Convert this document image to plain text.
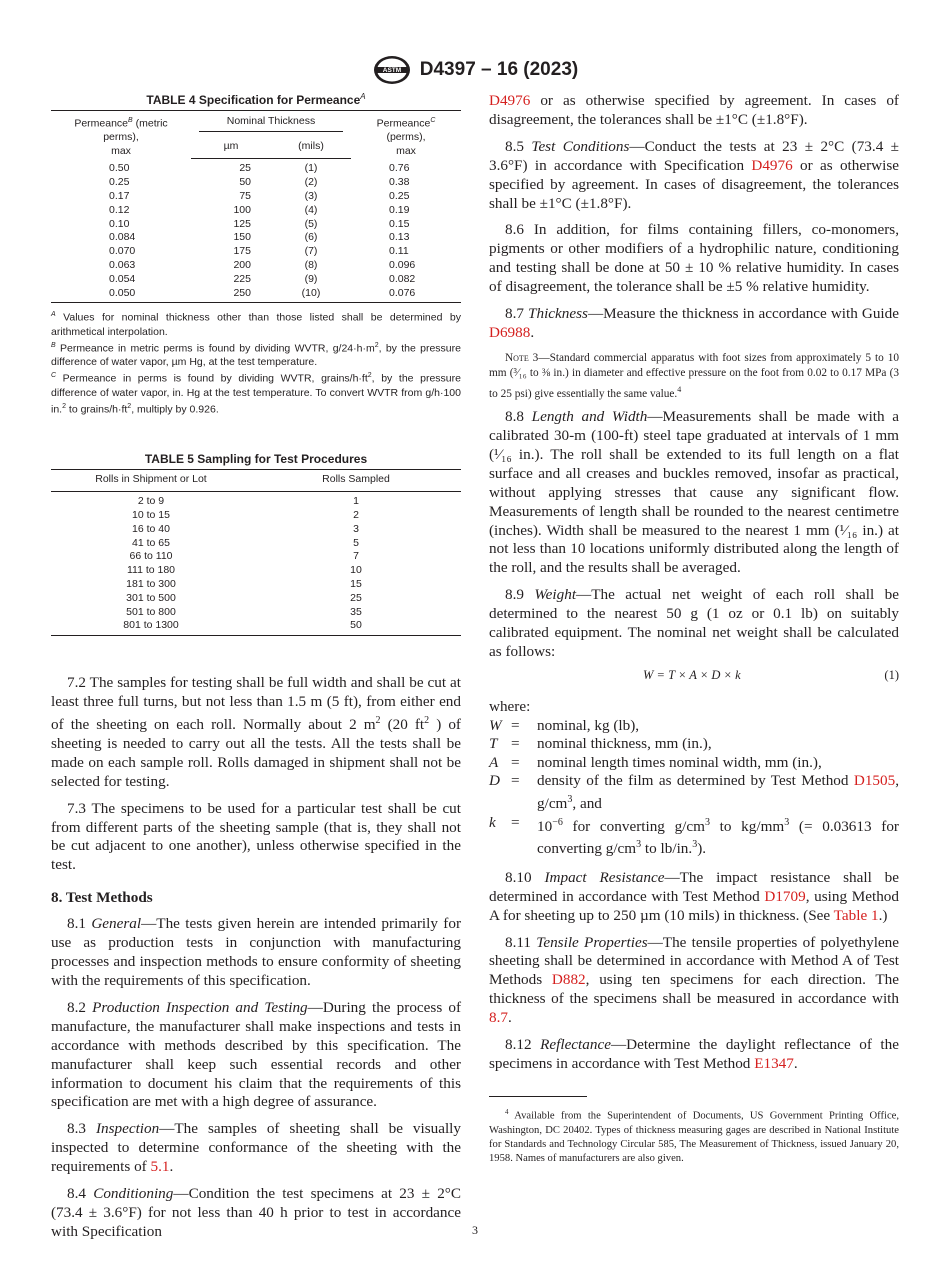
ASTM D4397 – 16 (2023)
TABLE 4 Specification for Permeance$^A$
Permeance$^B$ (metric
perms),
max	Nominal Thickness		Permeance$^C$
(perms),
max
	µm	(mils)	
0.50	25	(1)	0.76
0.25	50	(2)	0.38
0.17	75	(3)	0.25
0.12	100	(4)	0.19
0.10	125	(5)	0.15
0.084	150	(6)	0.13
0.070	175	(7)	0.11
0.063	200	(8)	0.096
0.054	225	(9)	0.082
0.050	250	(10)	0.076

$^A$ Values for nominal thickness other than those listed shall be determined by arithmetical interpolation.

$^B$ Permeance in metric perms is found by dividing WVTR, $g/24\cdot h\cdot m^2$, by the pressure difference of water vapor, µm Hg, at the test temperature.

$^C$ Permeance in perms is found by dividing WVTR, grains/$h\cdot ft^2$, by the pressure difference of water vapor, in. Hg at the test temperature. To convert WVTR from g/h·100 in.$^2$ to grains/$h\cdot ft^2$, multiply by 0.926.

TABLE 5 Sampling for Test Procedures
Rolls in Shipment or Lot	Rolls Sampled
2 to 9	1
10 to 15	2
16 to 40	3
41 to 65	5
66 to 110	7
111 to 180	10
181 to 300	15
301 to 500	25
501 to 800	35
801 to 1300	50

7.2 The samples for testing shall be full width and shall be cut at least three full turns, but not less than 1.5 m (5 ft), from either end of the sheeting on each roll. Normally about 2 $m^2$ (20 $ft^2$ ) of sheeting is needed to carry out all the tests. All the tests shall be made on each sample roll. Rolls damaged in shipment shall not be selected for testing.

7.3 The specimens to be used for a particular test shall be cut from different parts of the sheeting sample (that is, they shall not be cut adjacent to one another), unless otherwise specified in the test.

8. Test Methods

8.1 General—The tests given herein are intended primarily for use as production tests in conjunction with manufacturing processes and inspection methods to ensure conformity of sheeting with the requirements of this specification.

8.2 Production Inspection and Testing—During the process of manufacture, the manufacturer shall make inspections and tests in accordance with methods described by this specification. The manufacturer shall keep such essential records and other information to document his claim that the requirements of this specification are met with a high degree of assurance.

8.3 Inspection—The samples of sheeting shall be visually inspected to determine conformance of the sheeting with the requirements of 5.1.

8.4 Conditioning—Condition the test specimens at 23 ± 2°C (73.4 ± 3.6°F) for not less than 40 h prior to test in accordance with Specification

D4976 or as otherwise specified by agreement. In cases of disagreement, the tolerances shall be ±1°C (±1.8°F).

8.5 Test Conditions—Conduct the tests at 23 ± 2°C (73.4 ± 3.6°F) in accordance with Specification D4976 or as otherwise specified by agreement. In cases of disagreement, the tolerances shall be ±1°C (±1.8°F).

8.6 In addition, for films containing fillers, co-monomers, pigments or other modifiers of a hydrophilic nature, conditioning and testing shall be done at 50 ± 10 % relative humidity. In cases of disagreement, the tolerance shall be ±5 % relative humidity.

8.7 Thickness—Measure the thickness in accordance with Guide D6988.

Note 3—Standard commercial apparatus with foot sizes from approximately 5 to 10 mm (³⁄₁₆ to ⅜ in.) in diameter and effective pressure on the foot from 0.02 to 0.17 MPa (3 to 25 psi) give essentially the same value.$^4$

8.8 Length and Width—Measurements shall be made with a calibrated 30-m (100-ft) steel tape graduated at intervals of 1 mm (¹⁄₁₆ in.). The roll shall be extended to its full length on a flat surface and all creases and buckles removed, insofar as practical, without applying stresses that cause any significant flow. Measurements of length shall be rounded to the nearest centimetre (inches). Width shall be measured to the nearest 1 mm (¹⁄₁₆ in.) at not less than 10 locations uniformly distributed along the length of the roll, and the results shall be averaged.

8.9 Weight—The actual net weight of each roll shall be determined to the nearest 50 g (1 oz or 0.1 lb) on suitably calibrated equipment. The nominal net weight shall be calculated as follows:

W = T × A × D × k	(1)
where:
W	=	nominal, kg (lb),
T	=	nominal thickness, mm (in.),
A	=	nominal length times nominal width, mm (in.),
D	=	density of the film as determined by Test Method D1505, $g/cm^3$, and
k	=	$10^{-6}$ for converting $g/cm^3$ to $kg/mm^3$ (= 0.03613 for converting $g/cm^3$ to lb/in.$^3$).

8.10 Impact Resistance—The impact resistance shall be determined in accordance with Test Method D1709, using Method A for sheeting up to 250 µm (10 mils) in thickness. (See Table 1.)

8.11 Tensile Properties—The tensile properties of polyethylene sheeting shall be determined in accordance with Method A of Test Methods D882, using ten specimens for each direction. The thickness of the specimens shall be measured in accordance with 8.7.

8.12 Reflectance—Determine the daylight reflectance of the specimens in accordance with Test Method E1347.

$^4$ Available from the Superintendent of Documents, US Government Printing Office, Washington, DC 20402. Types of thickness measuring gages are described in National Institute for Standards and Technology Circular 585, The Measurement of Thickness, issued January 20, 1958. Names of manufacturers are also given.

3
